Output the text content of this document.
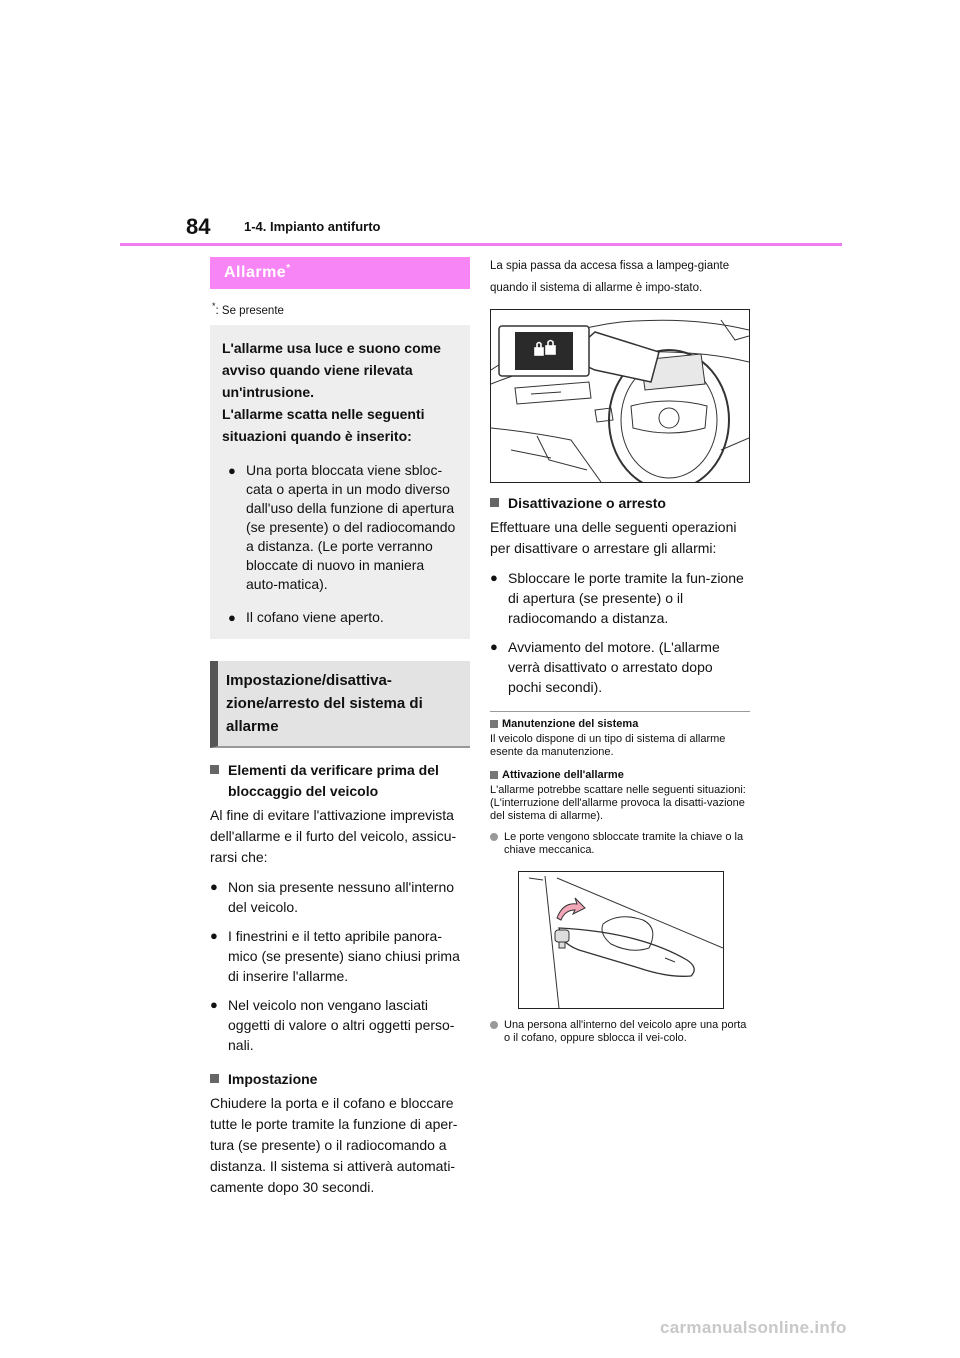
84	1-4. Impianto antifurto
Allarme*
*: Se presente
L'allarme usa luce e suono come
avviso quando viene rilevata
un'intrusione.
L'allarme scatta nelle seguenti
situazioni quando è inserito:
● Una porta bloccata viene sbloc-cata o aperta in un modo diverso dall'uso della funzione di apertura (se presente) o del radiocomando a distanza. (Le porte verranno bloccate di nuovo in maniera auto-matica).
● Il cofano viene aperto.
Impostazione/disattiva-zione/arresto del sistema di allarme
Elementi da verificare prima del bloccaggio del veicolo
Al fine di evitare l'attivazione imprevista dell'allarme e il furto del veicolo, assicu-rarsi che:
● Non sia presente nessuno all'interno del veicolo.
● I finestrini e il tetto apribile panora-mico (se presente) siano chiusi prima di inserire l'allarme.
● Nel veicolo non vengano lasciati oggetti di valore o altri oggetti perso-nali.
Impostazione
Chiudere la porta e il cofano e bloccare tutte le porte tramite la funzione di aper-tura (se presente) o il radiocomando a distanza. Il sistema si attiverà automati-camente dopo 30 secondi.
La spia passa da accesa fissa a lampeg-giante quando il sistema di allarme è impo-stato.
Disattivazione o arresto
Effettuare una delle seguenti operazioni per disattivare o arrestare gli allarmi:
● Sbloccare le porte tramite la fun-zione di apertura (se presente) o il radiocomando a distanza.
● Avviamento del motore. (L'allarme verrà disattivato o arrestato dopo pochi secondi).
Manutenzione del sistema
Il veicolo dispone di un tipo di sistema di allarme esente da manutenzione.
Attivazione dell'allarme
L'allarme potrebbe scattare nelle seguenti situazioni:
(L'interruzione dell'allarme provoca la disatti-vazione del sistema di allarme).
Le porte vengono sbloccate tramite la chiave o la chiave meccanica.
Una persona all'interno del veicolo apre una porta o il cofano, oppure sblocca il vei-colo.
carmanualsonline.info
